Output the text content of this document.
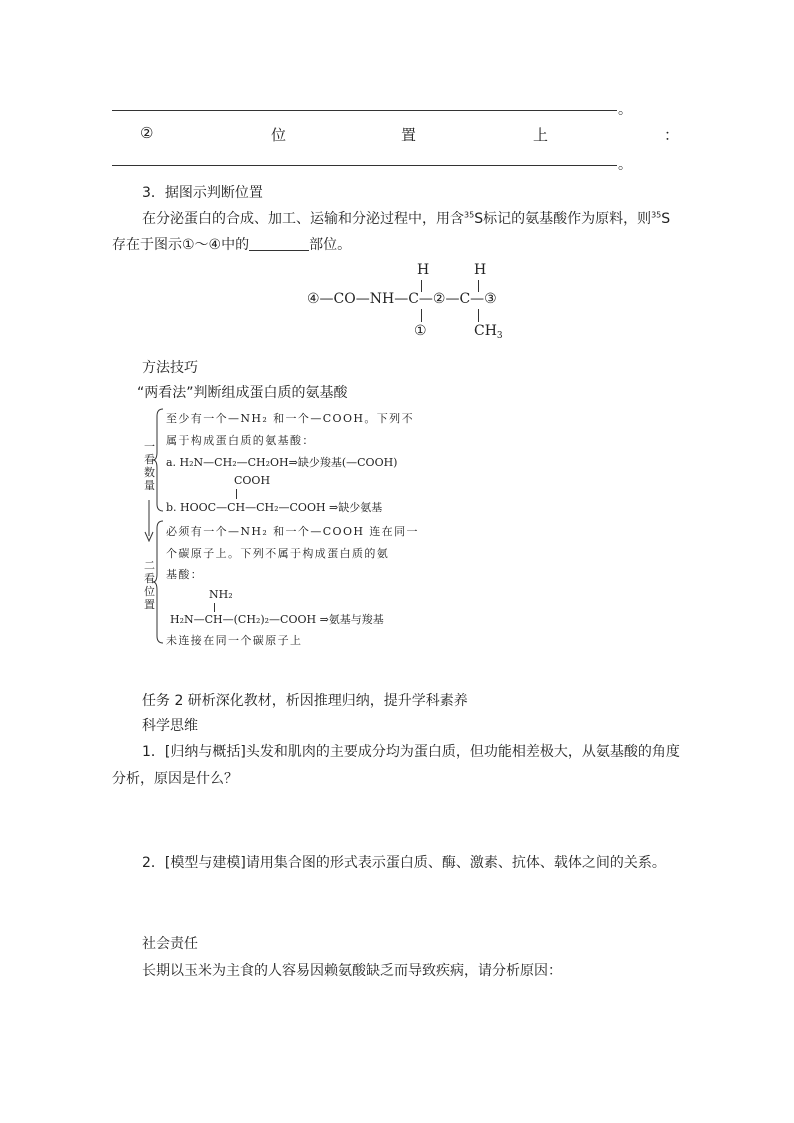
。
②	位	置	上	：
。
3．据图示判断位置
在分泌蛋白的合成、加工、运输和分泌过程中，用含$^{35}$S标记的氨基酸作为原料，则$^{35}$S
存在于图示①～④中的	部位。
H	H
④—CO—NH—C—②—C—③
①	$CH_3$
方法技巧
“两看法”判断组成蛋白质的氨基酸
一看数量
至少有一个—NH₂ 和一个—COOH。下列不
属于构成蛋白质的氨基酸：
a. H₂N—CH₂—CH₂OH⇒缺少羧基(—COOH)
COOH
b. HOOC—CH—CH₂—COOH ⇒缺少氨基
二看位置
必须有一个—NH₂ 和一个—COOH 连在同一
个碳原子上。下列不属于构成蛋白质的氨
基酸：
NH₂
H₂N—CH—(CH₂)₂—COOH ⇒氨基与羧基
未连接在同一个碳原子上
任务 2 研析深化教材，析因推理归纳，提升学科素养
科学思维
1．[归纳与概括]头发和肌肉的主要成分均为蛋白质，但功能相差极大，从氨基酸的角度
分析，原因是什么？
2．[模型与建模]请用集合图的形式表示蛋白质、酶、激素、抗体、载体之间的关系。
社会责任
长期以玉米为主食的人容易因赖氨酸缺乏而导致疾病，请分析原因：
